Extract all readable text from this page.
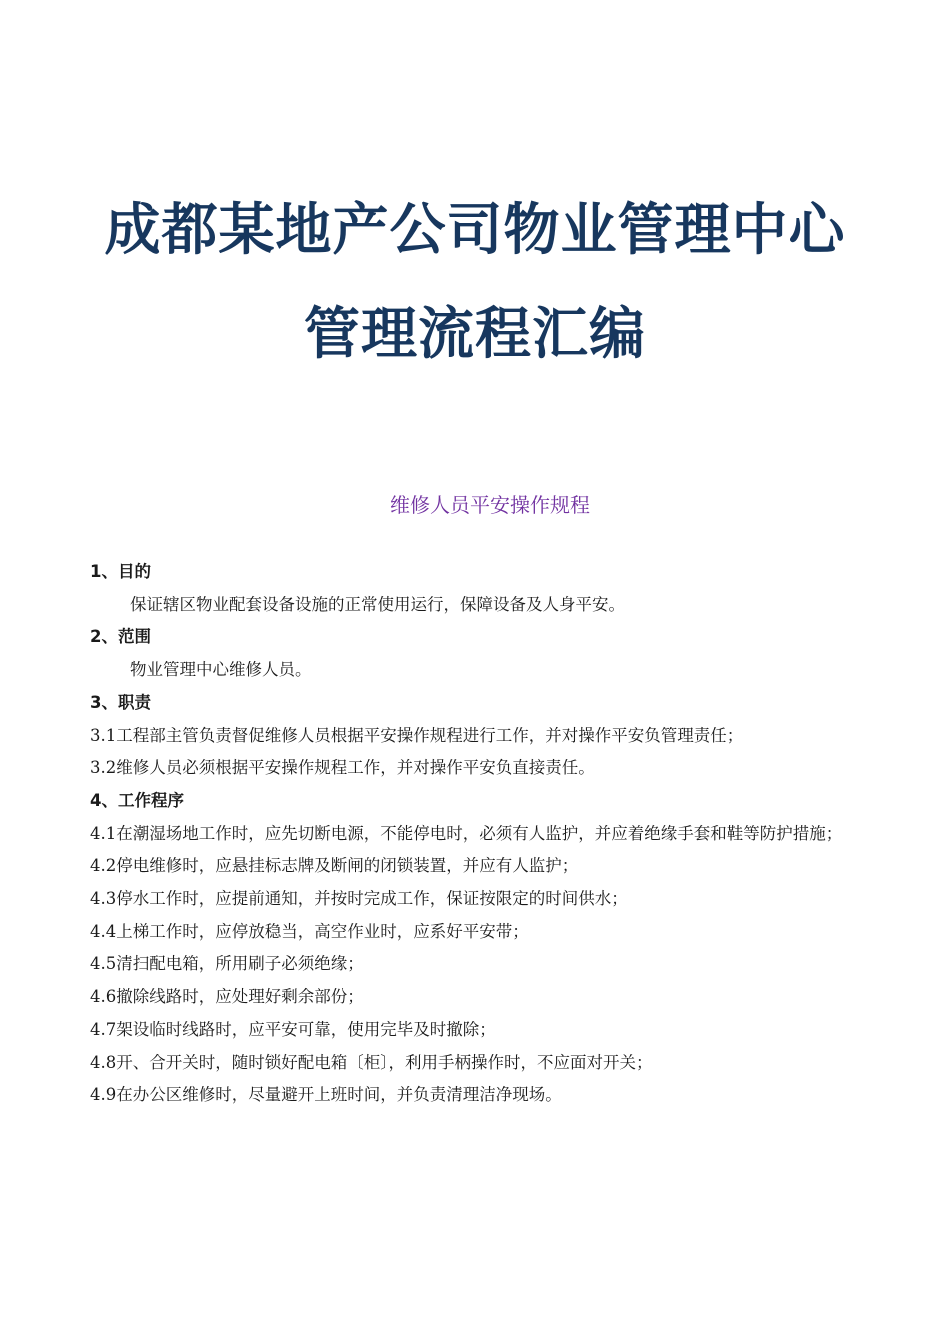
成都某地产公司物业管理中心
管理流程汇编
维修人员平安操作规程

1、目的

保证辖区物业配套设备设施的正常使用运行，保障设备及人身平安。

2、范围

物业管理中心维修人员。

3、职责

3.1工程部主管负责督促维修人员根据平安操作规程进行工作，并对操作平安负管理责任；

3.2维修人员必须根据平安操作规程工作，并对操作平安负直接责任。

4、工作程序

4.1在潮湿场地工作时，应先切断电源，不能停电时，必须有人监护，并应着绝缘手套和鞋等防护措施；

4.2停电维修时，应悬挂标志牌及断闸的闭锁装置，并应有人监护；

4.3停水工作时，应提前通知，并按时完成工作，保证按限定的时间供水；

4.4上梯工作时，应停放稳当，高空作业时，应系好平安带；

4.5清扫配电箱，所用刷子必须绝缘；

4.6撤除线路时，应处理好剩余部份；

4.7架设临时线路时，应平安可靠，使用完毕及时撤除；

4.8开、合开关时，随时锁好配电箱〔柜〕，利用手柄操作时，不应面对开关；

4.9在办公区维修时，尽量避开上班时间，并负责清理洁净现场。
